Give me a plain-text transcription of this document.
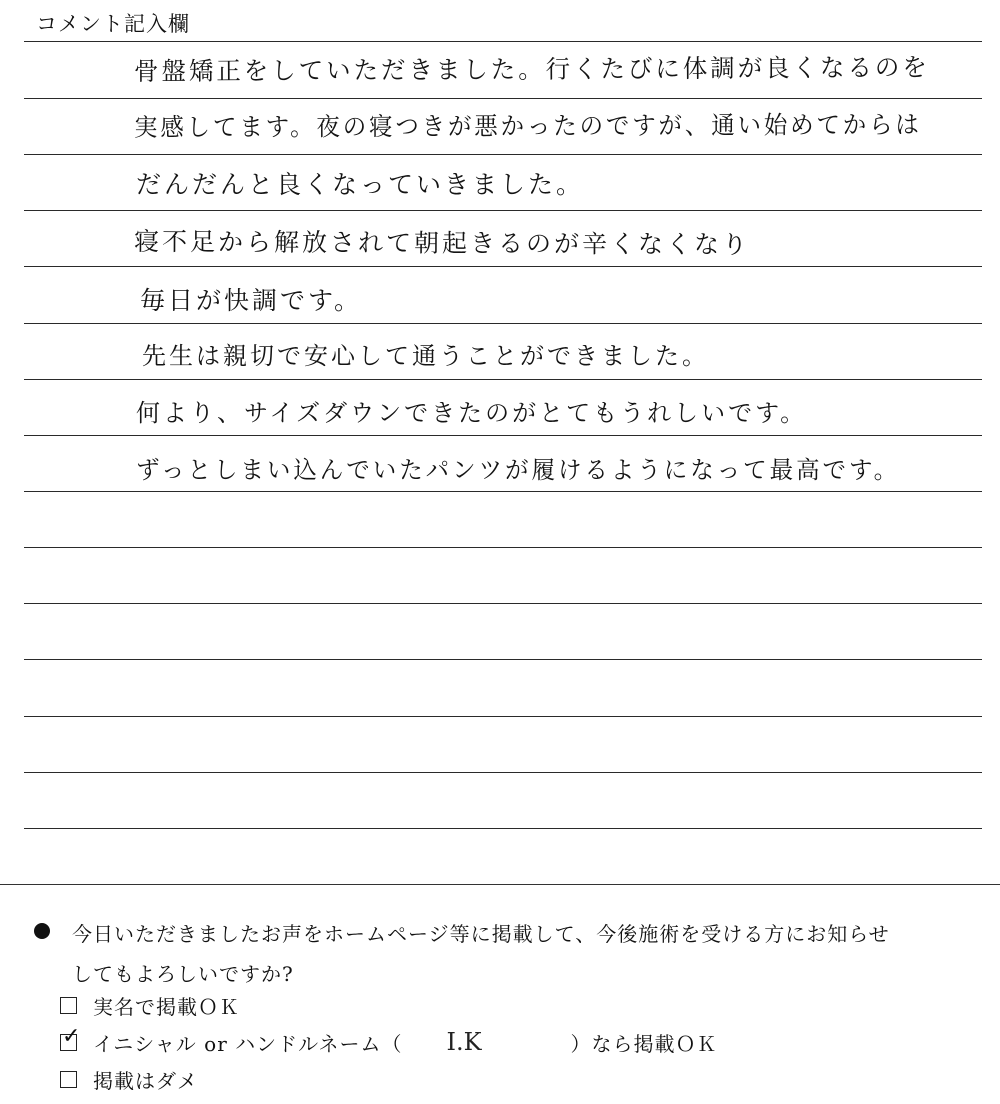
コメント記入欄
骨盤矯正をしていただきました。行くたびに体調が良くなるのを
実感してます。夜の寝つきが悪かったのですが、通い始めてからは
だんだんと良くなっていきました。
寝不足から解放されて朝起きるのが辛くなくなり
毎日が快調です。
先生は親切で安心して通うことができました。
何より、サイズダウンできたのがとてもうれしいです。
ずっとしまい込んでいたパンツが履けるようになって最高です。
今日いただきましたお声をホームページ等に掲載して、今後施術を受ける方にお知らせ
してもよろしいですか?
実名で掲載ＯＫ
✓ イニシャル or ハンドルネーム（	I.K	）なら掲載ＯＫ
掲載はダメ
